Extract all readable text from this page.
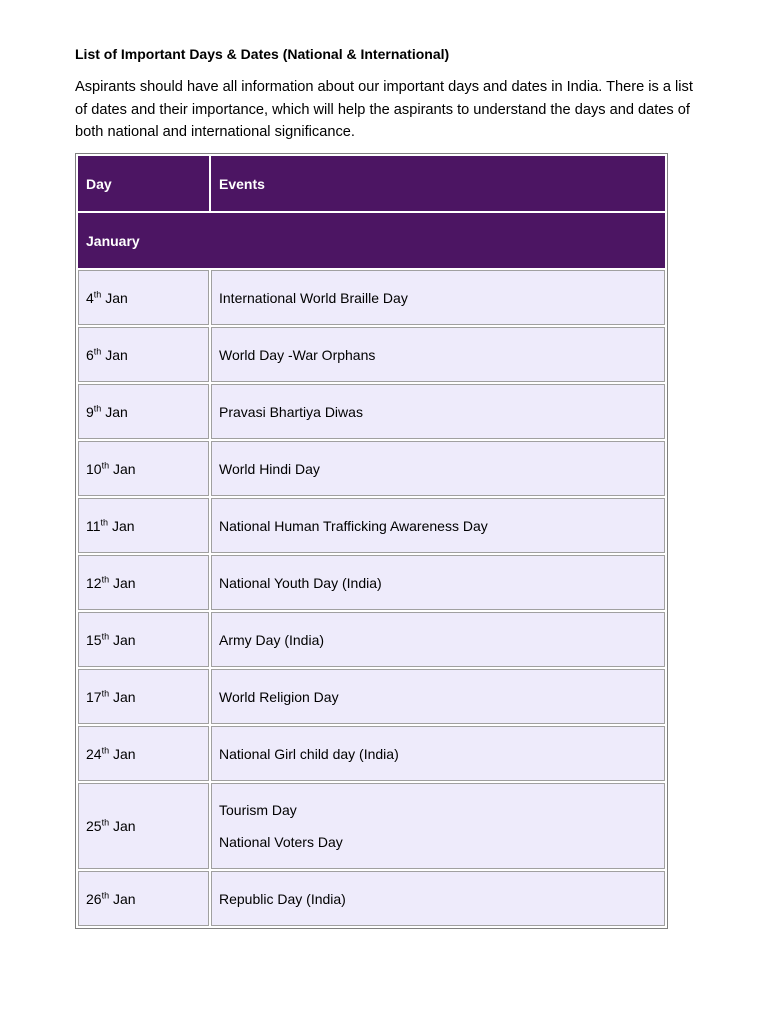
List of Important Days & Dates (National & International)

Aspirants should have all information about our important days and dates in India. There is a list of dates and their importance, which will help the aspirants to understand the days and dates of both national and international significance.

Day	Events
January	
4th Jan	International World Braille Day
6th Jan	World Day -War Orphans
9th Jan	Pravasi Bhartiya Diwas
10th Jan	World Hindi Day
11th Jan	National Human Trafficking Awareness Day
12th Jan	National Youth Day (India)
15th Jan	Army Day (India)
17th Jan	World Religion Day
24th Jan	National Girl child day (India)
25th Jan	Tourism Day
National Voters Day

26th Jan	Republic Day (India)
